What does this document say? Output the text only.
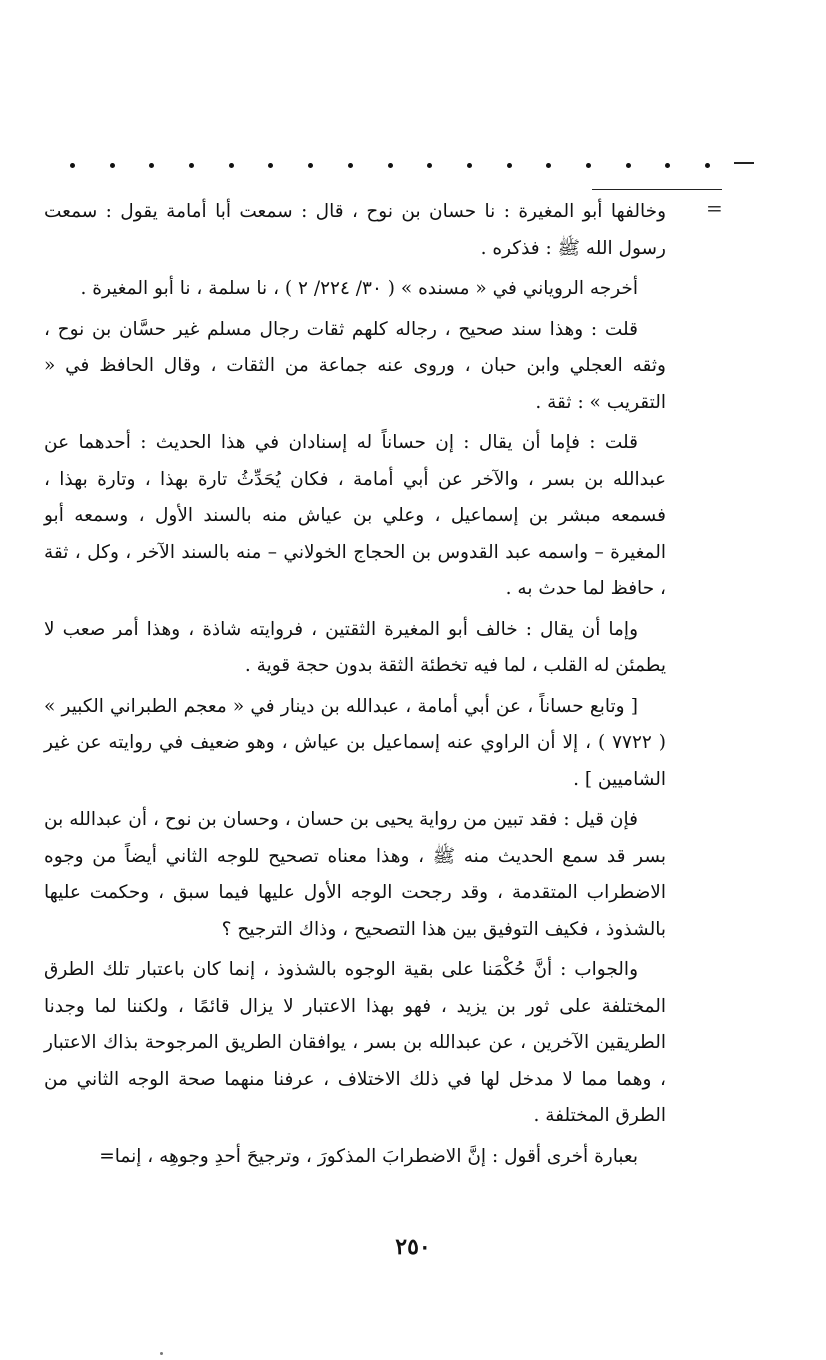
=

وخالفها أبو المغيرة : نا حسان بن نوح ، قال : سمعت أبا أمامة يقول : سمعت رسول الله ﷺ : فذكره .

أخرجه الروياني في « مسنده » ( ٣٠/ ٢٢٤/ ٢ ) ، نا سلمة ، نا أبو المغيرة .

قلت : وهذا سند صحيح ، رجاله كلهم ثقات رجال مسلم غير حسَّان بن نوح ، وثقه العجلي وابن حبان ، وروى عنه جماعة من الثقات ، وقال الحافظ في « التقريب » : ثقة .

قلت : فإما أن يقال : إن حساناً له إسنادان في هذا الحديث : أحدهما عن عبدالله بن بسر ، والآخر عن أبي أمامة ، فكان يُحَدِّثُ تارة بهذا ، وتارة بهذا ، فسمعه مبشر بن إسماعيل ، وعلي بن عياش منه بالسند الأول ، وسمعه أبو المغيرة – واسمه عبد القدوس بن الحجاج الخولاني – منه بالسند الآخر ، وكل ، ثقة ، حافظ لما حدث به .

وإما أن يقال : خالف أبو المغيرة الثقتين ، فروايته شاذة ، وهذا أمر صعب لا يطمئن له القلب ، لما فيه تخطئة الثقة بدون حجة قوية .

[ وتابع حساناً ، عن أبي أمامة ، عبدالله بن دينار في « معجم الطبراني الكبير » ( ٧٧٢٢ ) ، إلا أن الراوي عنه إسماعيل بن عياش ، وهو ضعيف في روايته عن غير الشاميين ] .

فإن قيل : فقد تبين من رواية يحيى بن حسان ، وحسان بن نوح ، أن عبدالله بن بسر قد سمع الحديث منه ﷺ ، وهذا معناه تصحيح للوجه الثاني أيضاً من وجوه الاضطراب المتقدمة ، وقد رجحت الوجه الأول عليها فيما سبق ، وحكمت عليها بالشذوذ ، فكيف التوفيق بين هذا التصحيح ، وذاك الترجيح ؟

والجواب : أنَّ حُكْمَنا على بقية الوجوه بالشذوذ ، إنما كان باعتبار تلك الطرق المختلفة على ثور بن يزيد ، فهو بهذا الاعتبار لا يزال قائمًا ، ولكننا لما وجدنا الطريقين الآخرين ، عن عبدالله بن بسر ، يوافقان الطريق المرجوحة بذاك الاعتبار ، وهما مما لا مدخل لها في ذلك الاختلاف ، عرفنا منهما صحة الوجه الثاني من الطرق المختلفة .

بعبارة أخرى أقول : إنَّ الاضطرابَ المذكورَ ، وترجيحَ أحدِ وجوهِه ، إنما=

٢٥٠
